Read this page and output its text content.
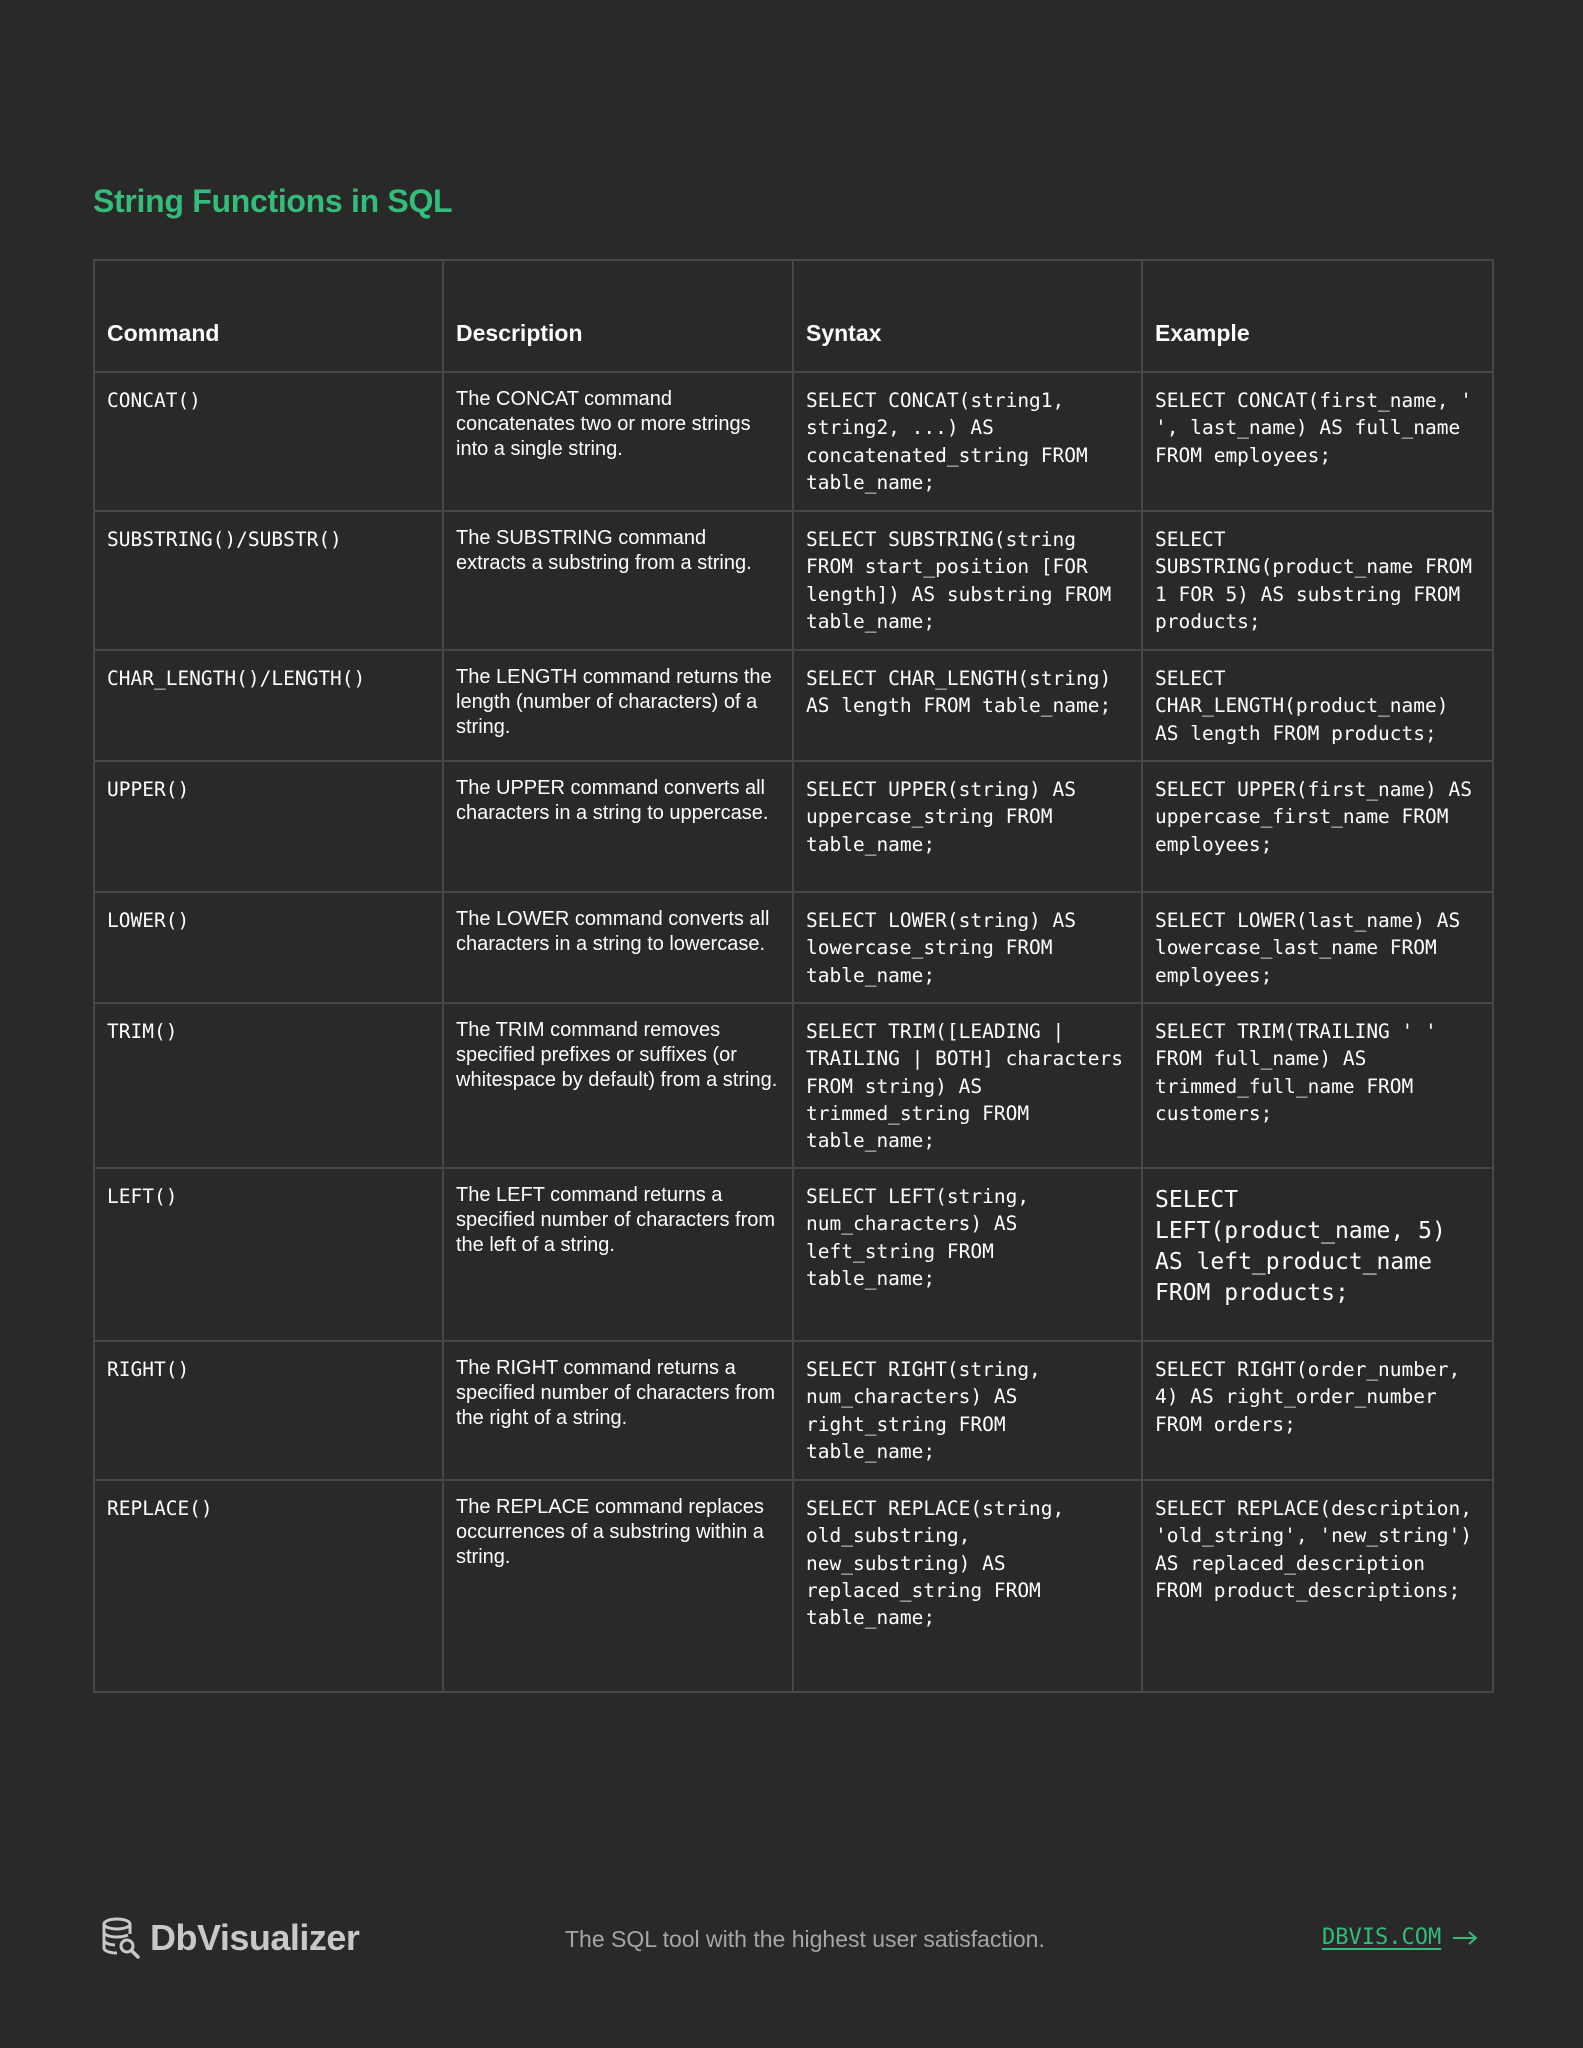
String Functions in SQL
Command	Description	Syntax	Example
CONCAT()	The CONCAT command concatenates two or more strings into a single string.	SELECT CONCAT(string1, string2, ...) AS concatenated_string FROM table_name;	SELECT CONCAT(first_name, ' ', last_name) AS full_name FROM employees;
SUBSTRING()/SUBSTR()	The SUBSTRING command extracts a substring from a string.	SELECT SUBSTRING(string FROM start_position [FOR length]) AS substring FROM table_name;	SELECT SUBSTRING(product_name FROM 1 FOR 5) AS substring FROM products;
CHAR_LENGTH()/LENGTH()	The LENGTH command returns the length (number of characters) of a string.	SELECT CHAR_LENGTH(string) AS length FROM table_name;	SELECT CHAR_LENGTH(product_name) AS length FROM products;
UPPER()	The UPPER command converts all characters in a string to uppercase.	SELECT UPPER(string) AS uppercase_string FROM table_name;	SELECT UPPER(first_name) AS uppercase_first_name FROM employees;
LOWER()	The LOWER command converts all characters in a string to lowercase.	SELECT LOWER(string) AS lowercase_string FROM table_name;	SELECT LOWER(last_name) AS lowercase_last_name FROM employees;
TRIM()	The TRIM command removes specified prefixes or suffixes (or whitespace by default) from a string.	SELECT TRIM([LEADING | TRAILING | BOTH] characters FROM string) AS trimmed_string FROM table_name;	SELECT TRIM(TRAILING ' ' FROM full_name) AS trimmed_full_name FROM customers;
LEFT()	The LEFT command returns a specified number of characters from the left of a string.	SELECT LEFT(string, num_characters) AS left_string FROM table_name;	SELECT LEFT(product_name, 5) AS left_product_name FROM products;
RIGHT()	The RIGHT command returns a specified number of characters from the right of a string.	SELECT RIGHT(string, num_characters) AS right_string FROM table_name;	SELECT RIGHT(order_number, 4) AS right_order_number FROM orders;
REPLACE()	The REPLACE command replaces occurrences of a substring within a string.	SELECT REPLACE(string, old_substring, new_substring) AS replaced_string FROM table_name;	SELECT REPLACE(description, 'old_string', 'new_string') AS replaced_description FROM product_descriptions;
DbVisualizer	The SQL tool with the highest user satisfaction.	DBVIS.COM
